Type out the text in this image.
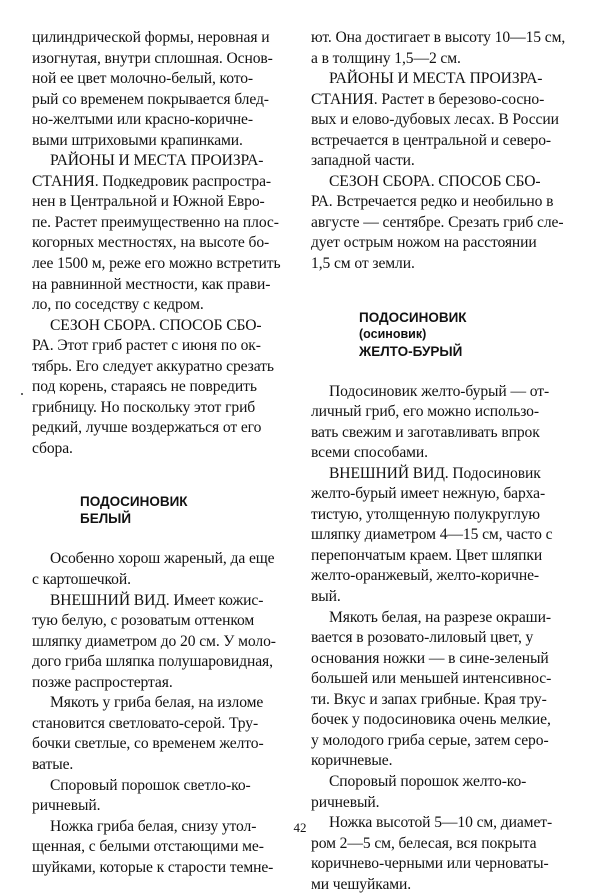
цилиндрической формы, неровная и
изогнутая, внутри сплошная. Основ-
ной ее цвет молочно-белый, кото-
рый со временем покрывается блед-
но-желтыми или красно-коричне-
выми штриховыми крапинками.
РАЙОНЫ И МЕСТА ПРОИЗРА-
СТАНИЯ. Подкедровик распростра-
нен в Центральной и Южной Евро-
пе. Растет преимущественно на плос-
когорных местностях, на высоте бо-
лее 1500 м, реже его можно встретить
на равнинной местности, как прави-
ло, по соседству с кедром.
СЕЗОН СБОРА. СПОСОБ СБО-
РА. Этот гриб растет с июня по ок-
тябрь. Его следует аккуратно срезать
под корень, стараясь не повредить
грибницу. Но поскольку этот гриб
редкий, лучше воздержаться от его
сбора.
ПОДОСИНОВИК
БЕЛЫЙ
Особенно хорош жареный, да еще
с картошечкой.
ВНЕШНИЙ ВИД. Имеет кожис-
тую белую, с розоватым оттенком
шляпку диаметром до 20 см. У моло-
дого гриба шляпка полушаровидная,
позже распростертая.
Мякоть у гриба белая, на изломе
становится светловато-серой. Тру-
бочки светлые, со временем желто-
ватые.
Споровый порошок светло-ко-
ричневый.
Ножка гриба белая, снизу утол-
щенная, с белыми отстающими ме-
шуйками, которые к старости темне-
ют. Она достигает в высоту 10—15 см,
а в толщину 1,5—2 см.
РАЙОНЫ И МЕСТА ПРОИЗРА-
СТАНИЯ. Растет в березово-сосно-
вых и елово-дубовых лесах. В России
встречается в центральной и северо-
западной части.
СЕЗОН СБОРА. СПОСОБ СБО-
РА. Встречается редко и необильно в
августе — сентябре. Срезать гриб сле-
дует острым ножом на расстоянии
1,5 см от земли.
ПОДОСИНОВИК
(осиновик)
ЖЕЛТО-БУРЫЙ
Подосиновик желто-бурый — от-
личный гриб, его можно использо-
вать свежим и заготавливать впрок
всеми способами.
ВНЕШНИЙ ВИД. Подосиновик
желто-бурый имеет нежную, барха-
тистую, утолщенную полукруглую
шляпку диаметром 4—15 см, часто с
перепончатым краем. Цвет шляпки
желто-оранжевый, желто-коричне-
вый.
Мякоть белая, на разрезе окраши-
вается в розовато-лиловый цвет, у
основания ножки — в сине-зеленый
большей или меньшей интенсивнос-
ти. Вкус и запах грибные. Края тру-
бочек у подосиновика очень мелкие,
у молодого гриба серые, затем серо-
коричневые.
Споровый порошок желто-ко-
ричневый.
Ножка высотой 5—10 см, диамет-
ром 2—5 см, белесая, вся покрыта
коричнево-черными или черноваты-
ми чешуйками.
42
